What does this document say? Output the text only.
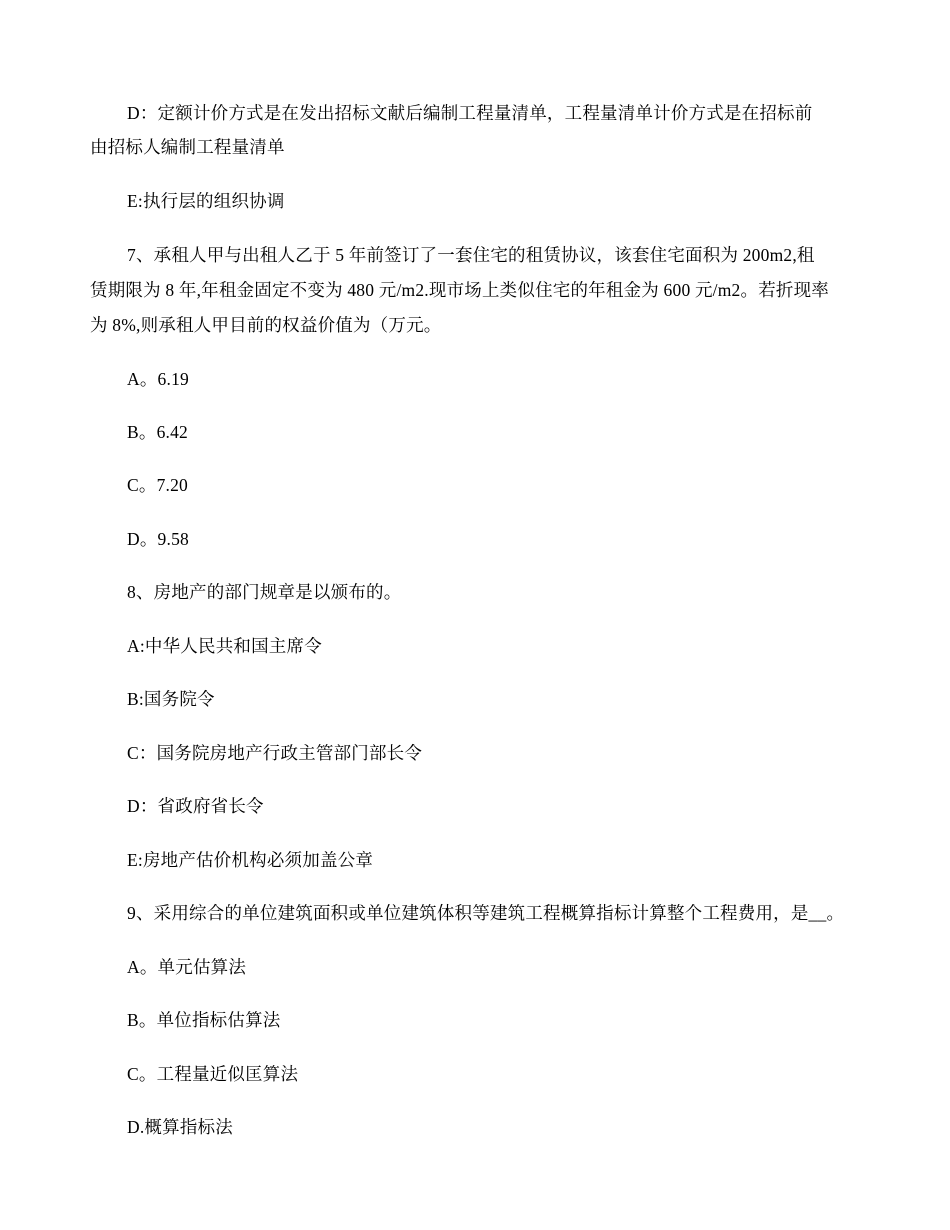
D：定额计价方式是在发出招标文献后编制工程量清单，工程量清单计价方式是在招标前
由招标人编制工程量清单
E:执行层的组织协调
7、承租人甲与出租人乙于 5 年前签订了一套住宅的租赁协议，该套住宅面积为 200m2,租
赁期限为 8 年,年租金固定不变为 480 元/m2.现市场上类似住宅的年租金为 600 元/m2。若折现率
为 8%,则承租人甲目前的权益价值为（万元。
A。6.19
B。6.42
C。7.20
D。9.58
8、房地产的部门规章是以颁布的。
A:中华人民共和国主席令
B:国务院令
C：国务院房地产行政主管部门部长令
D：省政府省长令
E:房地产估价机构必须加盖公章
9、采用综合的单位建筑面积或单位建筑体积等建筑工程概算指标计算整个工程费用，是__。
A。单元估算法
B。单位指标估算法
C。工程量近似匡算法
D.概算指标法
